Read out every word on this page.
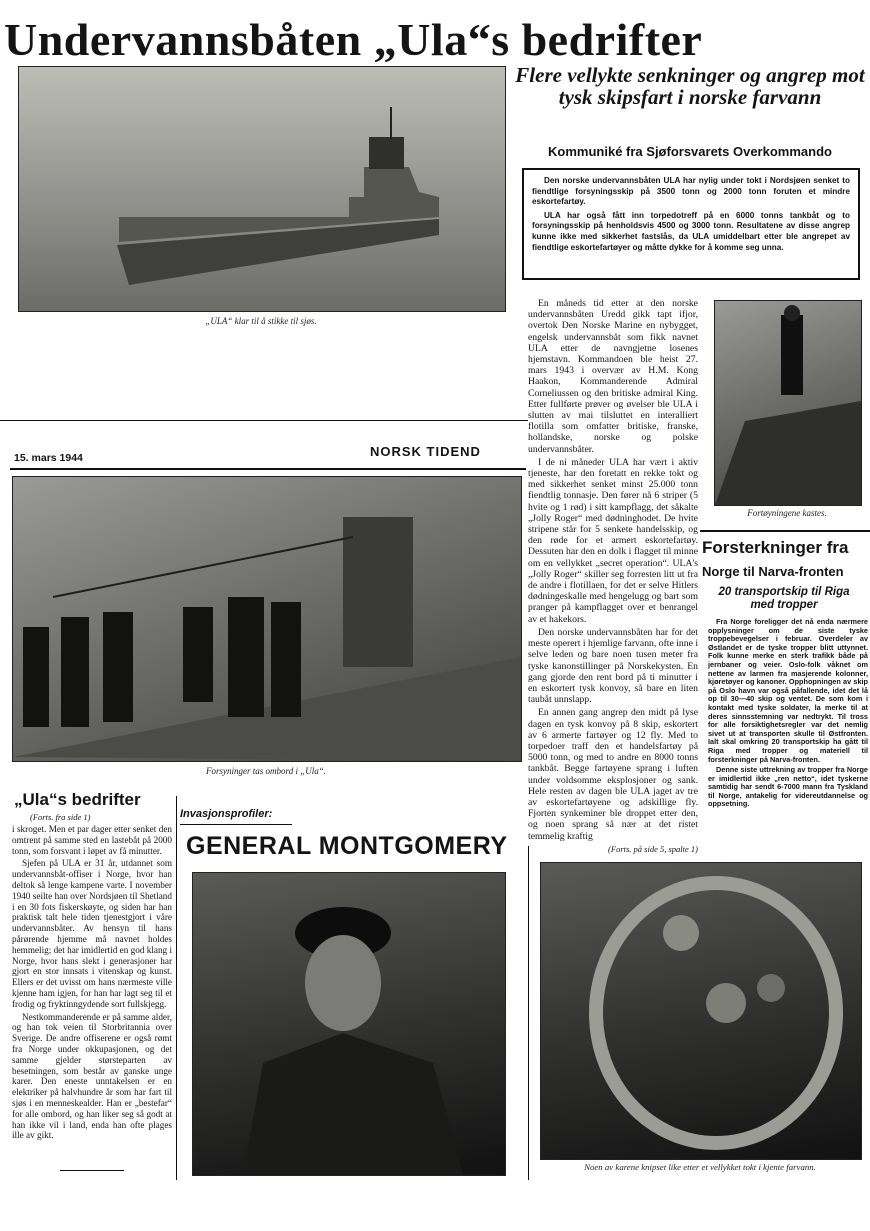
Undervannsbåten „Ula“s bedrifter
„ULA“ klar til å stikke til sjøs.
Flere vellykte senkninger og angrep mot tysk skipsfart i norske farvann
Kommuniké fra Sjøforsvarets Overkommando
Den norske undervannsbåten ULA har nylig under tokt i Nordsjøen senket to fiendtlige forsyningsskip på 3500 tonn og 2000 tonn foruten et mindre eskortefartøy.
ULA har også fått inn torpedotreff på en 6000 tonns tankbåt og to forsyningsskip på henholdsvis 4500 og 3000 tonn. Resultatene av disse angrep kunne ikke med sikkerhet fastslås, da ULA umiddelbart etter ble angrepet av fiendtlige eskortefartøyer og måtte dykke for å komme seg unna.
15. mars 1944	NORSK TIDEND
Forsyninger tas ombord i „Ula“.

En måneds tid etter at den norske undervannsbåten Uredd gikk tapt ifjor, overtok Den Norske Marine en nybygget, engelsk undervannsbåt som fikk navnet ULA etter de navngjetne losenes hjemstavn. Kommandoen ble heist 27. mars 1943 i overvær av H.M. Kong Haakon, Kommanderende Admiral Corneliussen og den britiske admiral King. Etter fullførte prøver og øvelser ble ULA i slutten av mai tilsluttet en interalliert flotilla som omfatter britiske, franske, hollandske, norske og polske undervannsbåter.

I de ni måneder ULA har vært i aktiv tjeneste, har den foretatt en rekke tokt og med sikkerhet senket minst 25.000 tonn fiendtlig tonnasje. Den fører nå 6 striper (5 hvite og 1 rød) i sitt kampflagg, det såkalte „Jolly Roger“ med dødninghodet. De hvite stripene står for 5 senkete handelsskip, og den røde for et armert eskortefartøy. Dessuten har den en dolk i flagget til minne om en vellykket „secret operation“. ULA's „Jolly Roger“ skiller seg forresten litt ut fra de andre i flotillaen, for det er selve Hitlers dødningeskalle med hengelugg og bart som pranger på kampflagget over et benrangel av et hakekors.

Den norske undervannsbåten har for det meste operert i hjemlige farvann, ofte inne i selve leden og bare noen tusen meter fra tyske kanonstillinger på Norskekysten. En gang gjorde den rent bord på ti minutter i en eskortert tysk konvoy, så bare en liten taubåt unnslapp.

En annen gang angrep den midt på lyse dagen en tysk konvoy på 8 skip, eskortert av 6 armerte fartøyer og 12 fly. Med to torpedoer traff den et handelsfartøy på 5000 tonn, og med to andre en 8000 tonns tankbåt. Begge fartøyene sprang i luften under voldsomme eksplosjoner og sank. Hele resten av dagen ble ULA jaget av tre av eskortefartøyene og adskillige fly. Fjorten synkeminer ble droppet etter den, og noen sprang så nær at det ristet temmelig kraftig

(Forts. på side 5, spalte 1)
Fortøyningene kastes.
Forsterkninger fra
Norge til Narva-fronten
20 transportskip til Riga med tropper
Fra Norge foreligger det nå enda nærmere opplysninger om de siste tyske troppebevegelser i februar. Overdeler av Østlandet er de tyske tropper blitt uttynnet. Folk kunne merke en sterk trafikk både på jernbaner og veier. Oslo-folk våknet om nettene av larmen fra masjerende kolonner, kjøretøyer og kanoner. Opphopningen av skip på Oslo havn var også påfallende, idet det lå op til 30—40 skip og ventet. De som kom i kontakt med tyske soldater, la merke til at deres sinnsstemning var nedtrykt. Til tross for alle forsiktighetsregler var det nemlig sivet ut at transporten skulle til Østfronten. Ialt skal omkring 20 transportskip ha gått til Riga med tropper og materiell til forsterkninger på Narva-fronten.
Denne siste uttrekning av tropper fra Norge er imidlertid ikke „ren netto“, idet tyskerne samtidig har sendt 6-7000 mann fra Tyskland til Norge, antakelig for videreutdannelse og oppsetning.
„Ula“s bedrifter
(Forts. fra side 1)

i skroget. Men et par dager etter senket den omtrent på samme sted en lastebåt på 2000 tonn, som forsvant i løpet av få minutter.

Sjefen på ULA er 31 år, utdannet som undervannsbåt-offiser i Norge, hvor han deltok så lenge kampene varte. I november 1940 seilte han over Nordsjøen til Shetland i en 30 fots fiskerskøyte, og siden har han praktisk talt hele tiden tjenestgjort i våre undervannsbåter. Av hensyn til hans pårørende hjemme må navnet holdes hemmelig; det har imidlertid en god klang i Norge, hvor hans slekt i generasjoner har gjort en stor innsats i vitenskap og kunst. Ellers er det uvisst om hans nærmeste ville kjenne ham igjen, for han har lagt seg til et frodig og fryktinngydende sort fullskjegg.

Nestkommanderende er på samme alder, og han tok veien til Storbritannia over Sverige. De andre offiserene er også rømt fra Norge under okkupasjonen, og det samme gjelder størsteparten av besetningen, som består av ganske unge karer. Den eneste unntakelsen er en elektriker på halvhundre år som har fart til sjøs i en menneskealder. Han er „bestefar“ for alle ombord, og han liker seg så godt at han ikke vil i land, enda han ofte plages ille av gikt.

Invasjonsprofiler:
GENERAL MONTGOMERY
Noen av karene knipset like etter et vellykket tokt i kjente farvann.
